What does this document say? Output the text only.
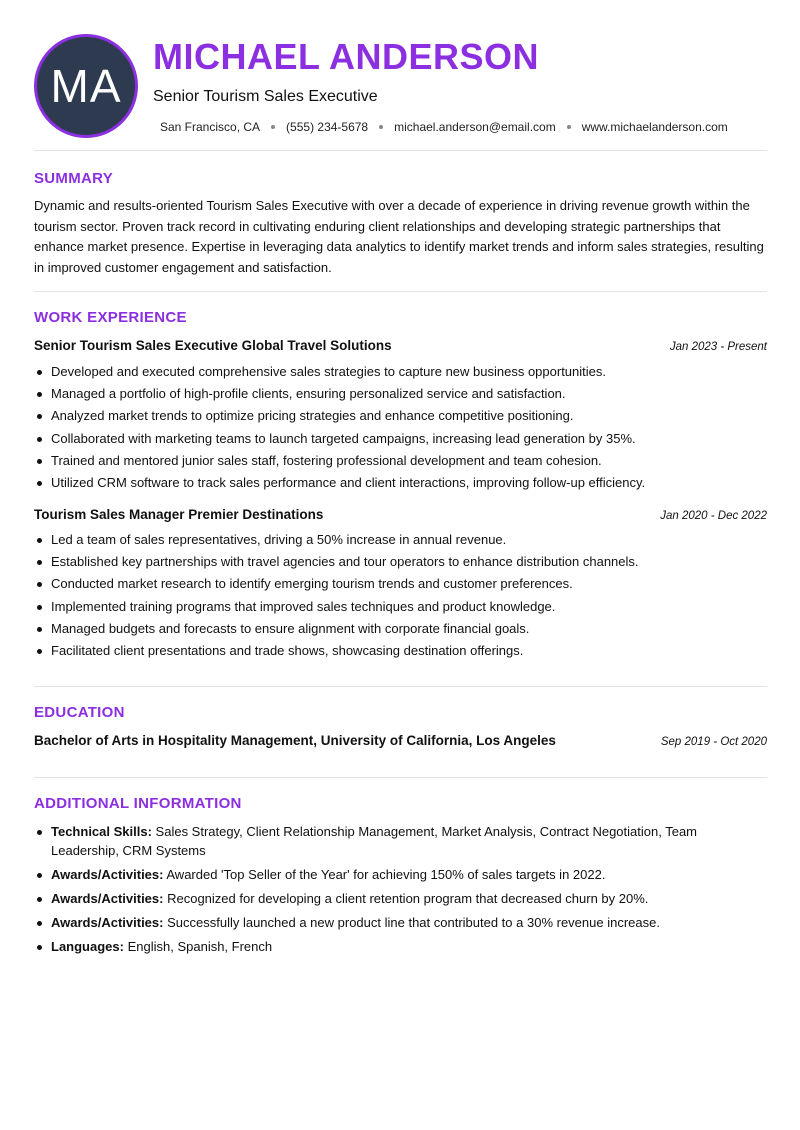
MA
MICHAEL ANDERSON
Senior Tourism Sales Executive
San Francisco, CA (555) 234-5678 michael.anderson@email.com www.michaelanderson.com
SUMMARY
Dynamic and results-oriented Tourism Sales Executive with over a decade of experience in driving revenue growth within the tourism sector. Proven track record in cultivating enduring client relationships and developing strategic partnerships that enhance market presence. Expertise in leveraging data analytics to identify market trends and inform sales strategies, resulting in improved customer engagement and satisfaction.
WORK EXPERIENCE
Senior Tourism Sales Executive Global Travel Solutions	Jan 2023 - Present
Developed and executed comprehensive sales strategies to capture new business opportunities.
Managed a portfolio of high-profile clients, ensuring personalized service and satisfaction.
Analyzed market trends to optimize pricing strategies and enhance competitive positioning.
Collaborated with marketing teams to launch targeted campaigns, increasing lead generation by 35%.
Trained and mentored junior sales staff, fostering professional development and team cohesion.
Utilized CRM software to track sales performance and client interactions, improving follow-up efficiency.
Tourism Sales Manager Premier Destinations	Jan 2020 - Dec 2022
Led a team of sales representatives, driving a 50% increase in annual revenue.
Established key partnerships with travel agencies and tour operators to enhance distribution channels.
Conducted market research to identify emerging tourism trends and customer preferences.
Implemented training programs that improved sales techniques and product knowledge.
Managed budgets and forecasts to ensure alignment with corporate financial goals.
Facilitated client presentations and trade shows, showcasing destination offerings.
EDUCATION
Bachelor of Arts in Hospitality Management, University of California, Los Angeles	Sep 2019 - Oct 2020
ADDITIONAL INFORMATION
Technical Skills: Sales Strategy, Client Relationship Management, Market Analysis, Contract Negotiation, Team Leadership, CRM Systems
Awards/Activities: Awarded 'Top Seller of the Year' for achieving 150% of sales targets in 2022.
Awards/Activities: Recognized for developing a client retention program that decreased churn by 20%.
Awards/Activities: Successfully launched a new product line that contributed to a 30% revenue increase.
Languages: English, Spanish, French
